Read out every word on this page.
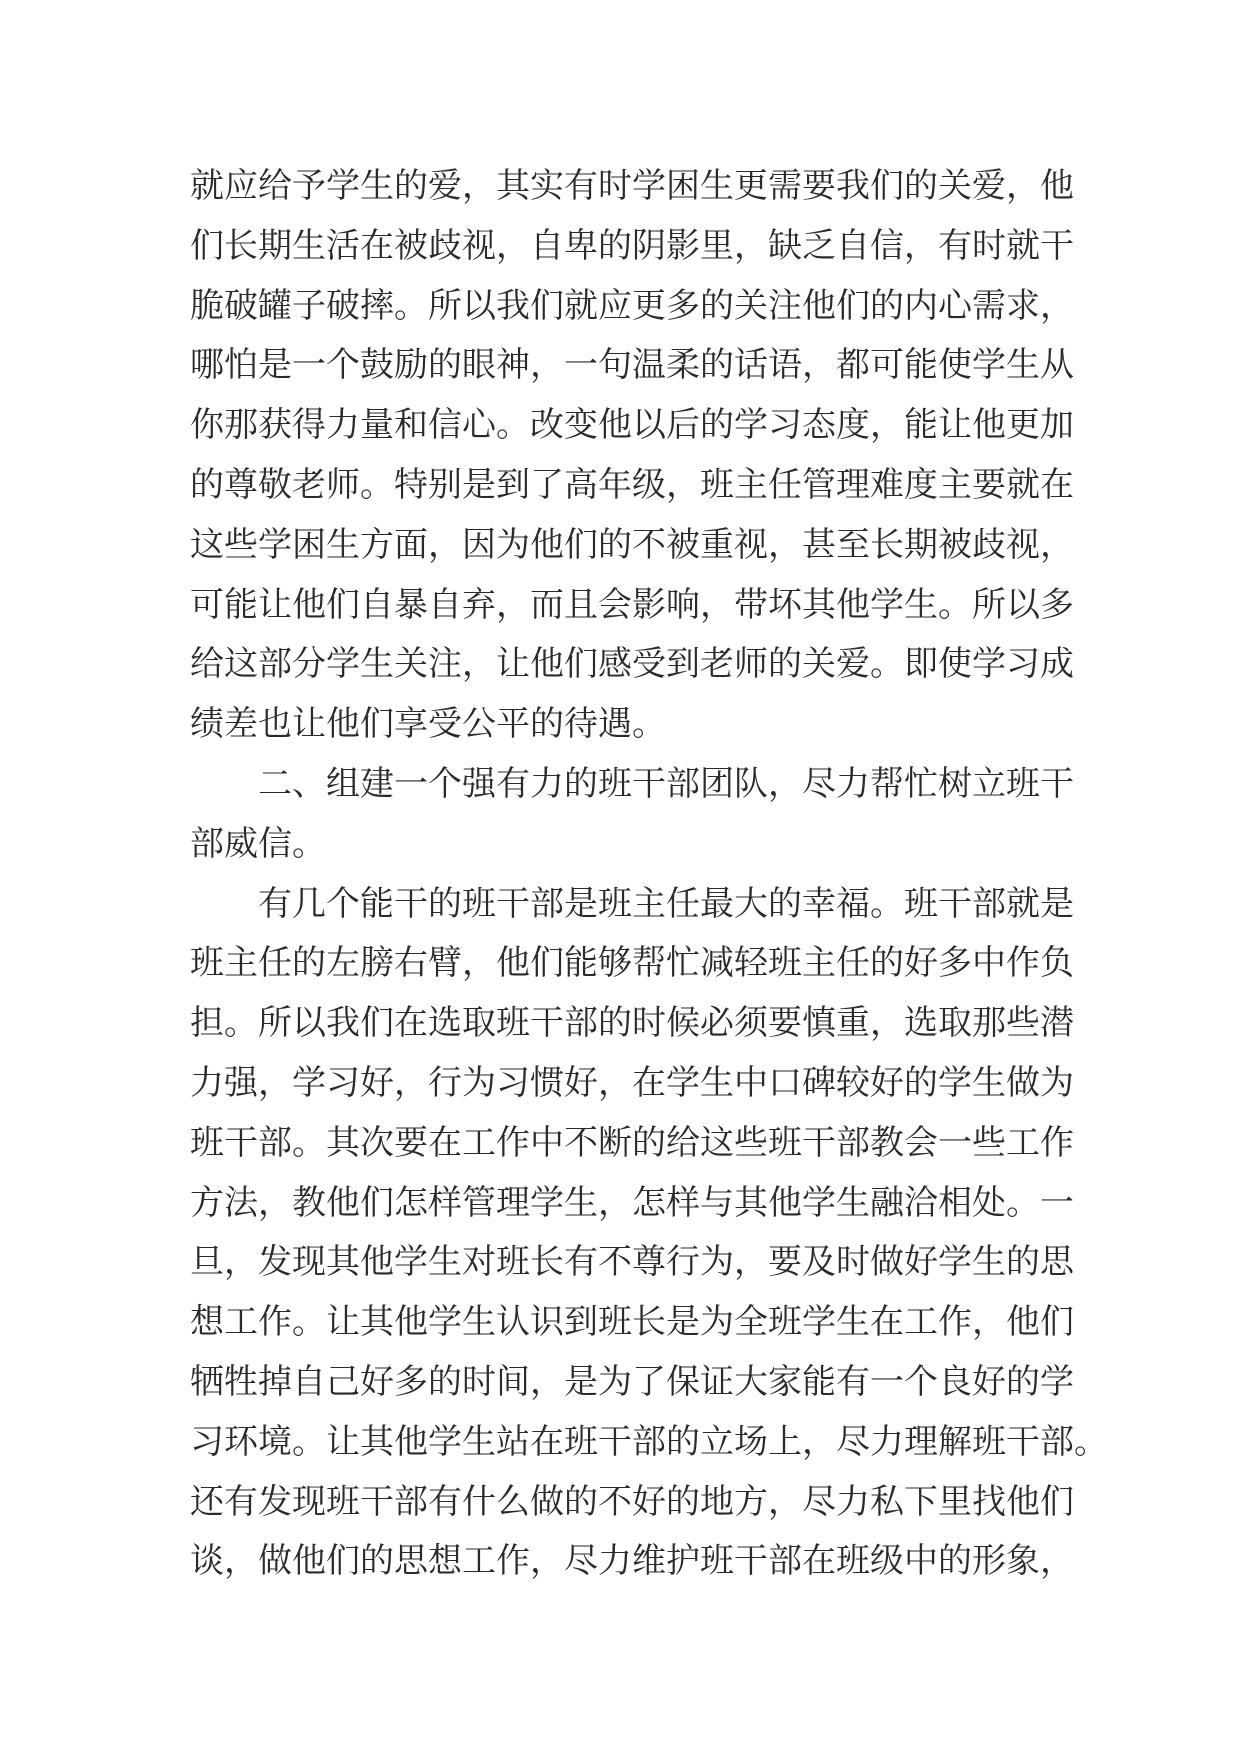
就应给予学生的爱，其实有时学困生更需要我们的关爱，他
们长期生活在被歧视，自卑的阴影里，缺乏自信，有时就干
脆破罐子破摔。所以我们就应更多的关注他们的内心需求，
哪怕是一个鼓励的眼神，一句温柔的话语，都可能使学生从
你那获得力量和信心。改变他以后的学习态度，能让他更加
的尊敬老师。特别是到了高年级，班主任管理难度主要就在
这些学困生方面，因为他们的不被重视，甚至长期被歧视，
可能让他们自暴自弃，而且会影响，带坏其他学生。所以多
给这部分学生关注，让他们感受到老师的关爱。即使学习成
绩差也让他们享受公平的待遇。
二、组建一个强有力的班干部团队，尽力帮忙树立班干
部威信。
有几个能干的班干部是班主任最大的幸福。班干部就是
班主任的左膀右臂，他们能够帮忙减轻班主任的好多中作负
担。所以我们在选取班干部的时候必须要慎重，选取那些潜
力强，学习好，行为习惯好，在学生中口碑较好的学生做为
班干部。其次要在工作中不断的给这些班干部教会一些工作
方法，教他们怎样管理学生，怎样与其他学生融洽相处。一
旦，发现其他学生对班长有不尊行为，要及时做好学生的思
想工作。让其他学生认识到班长是为全班学生在工作，他们
牺牲掉自己好多的时间，是为了保证大家能有一个良好的学
习环境。让其他学生站在班干部的立场上，尽力理解班干部。
还有发现班干部有什么做的不好的地方，尽力私下里找他们
谈，做他们的思想工作，尽力维护班干部在班级中的形象，
